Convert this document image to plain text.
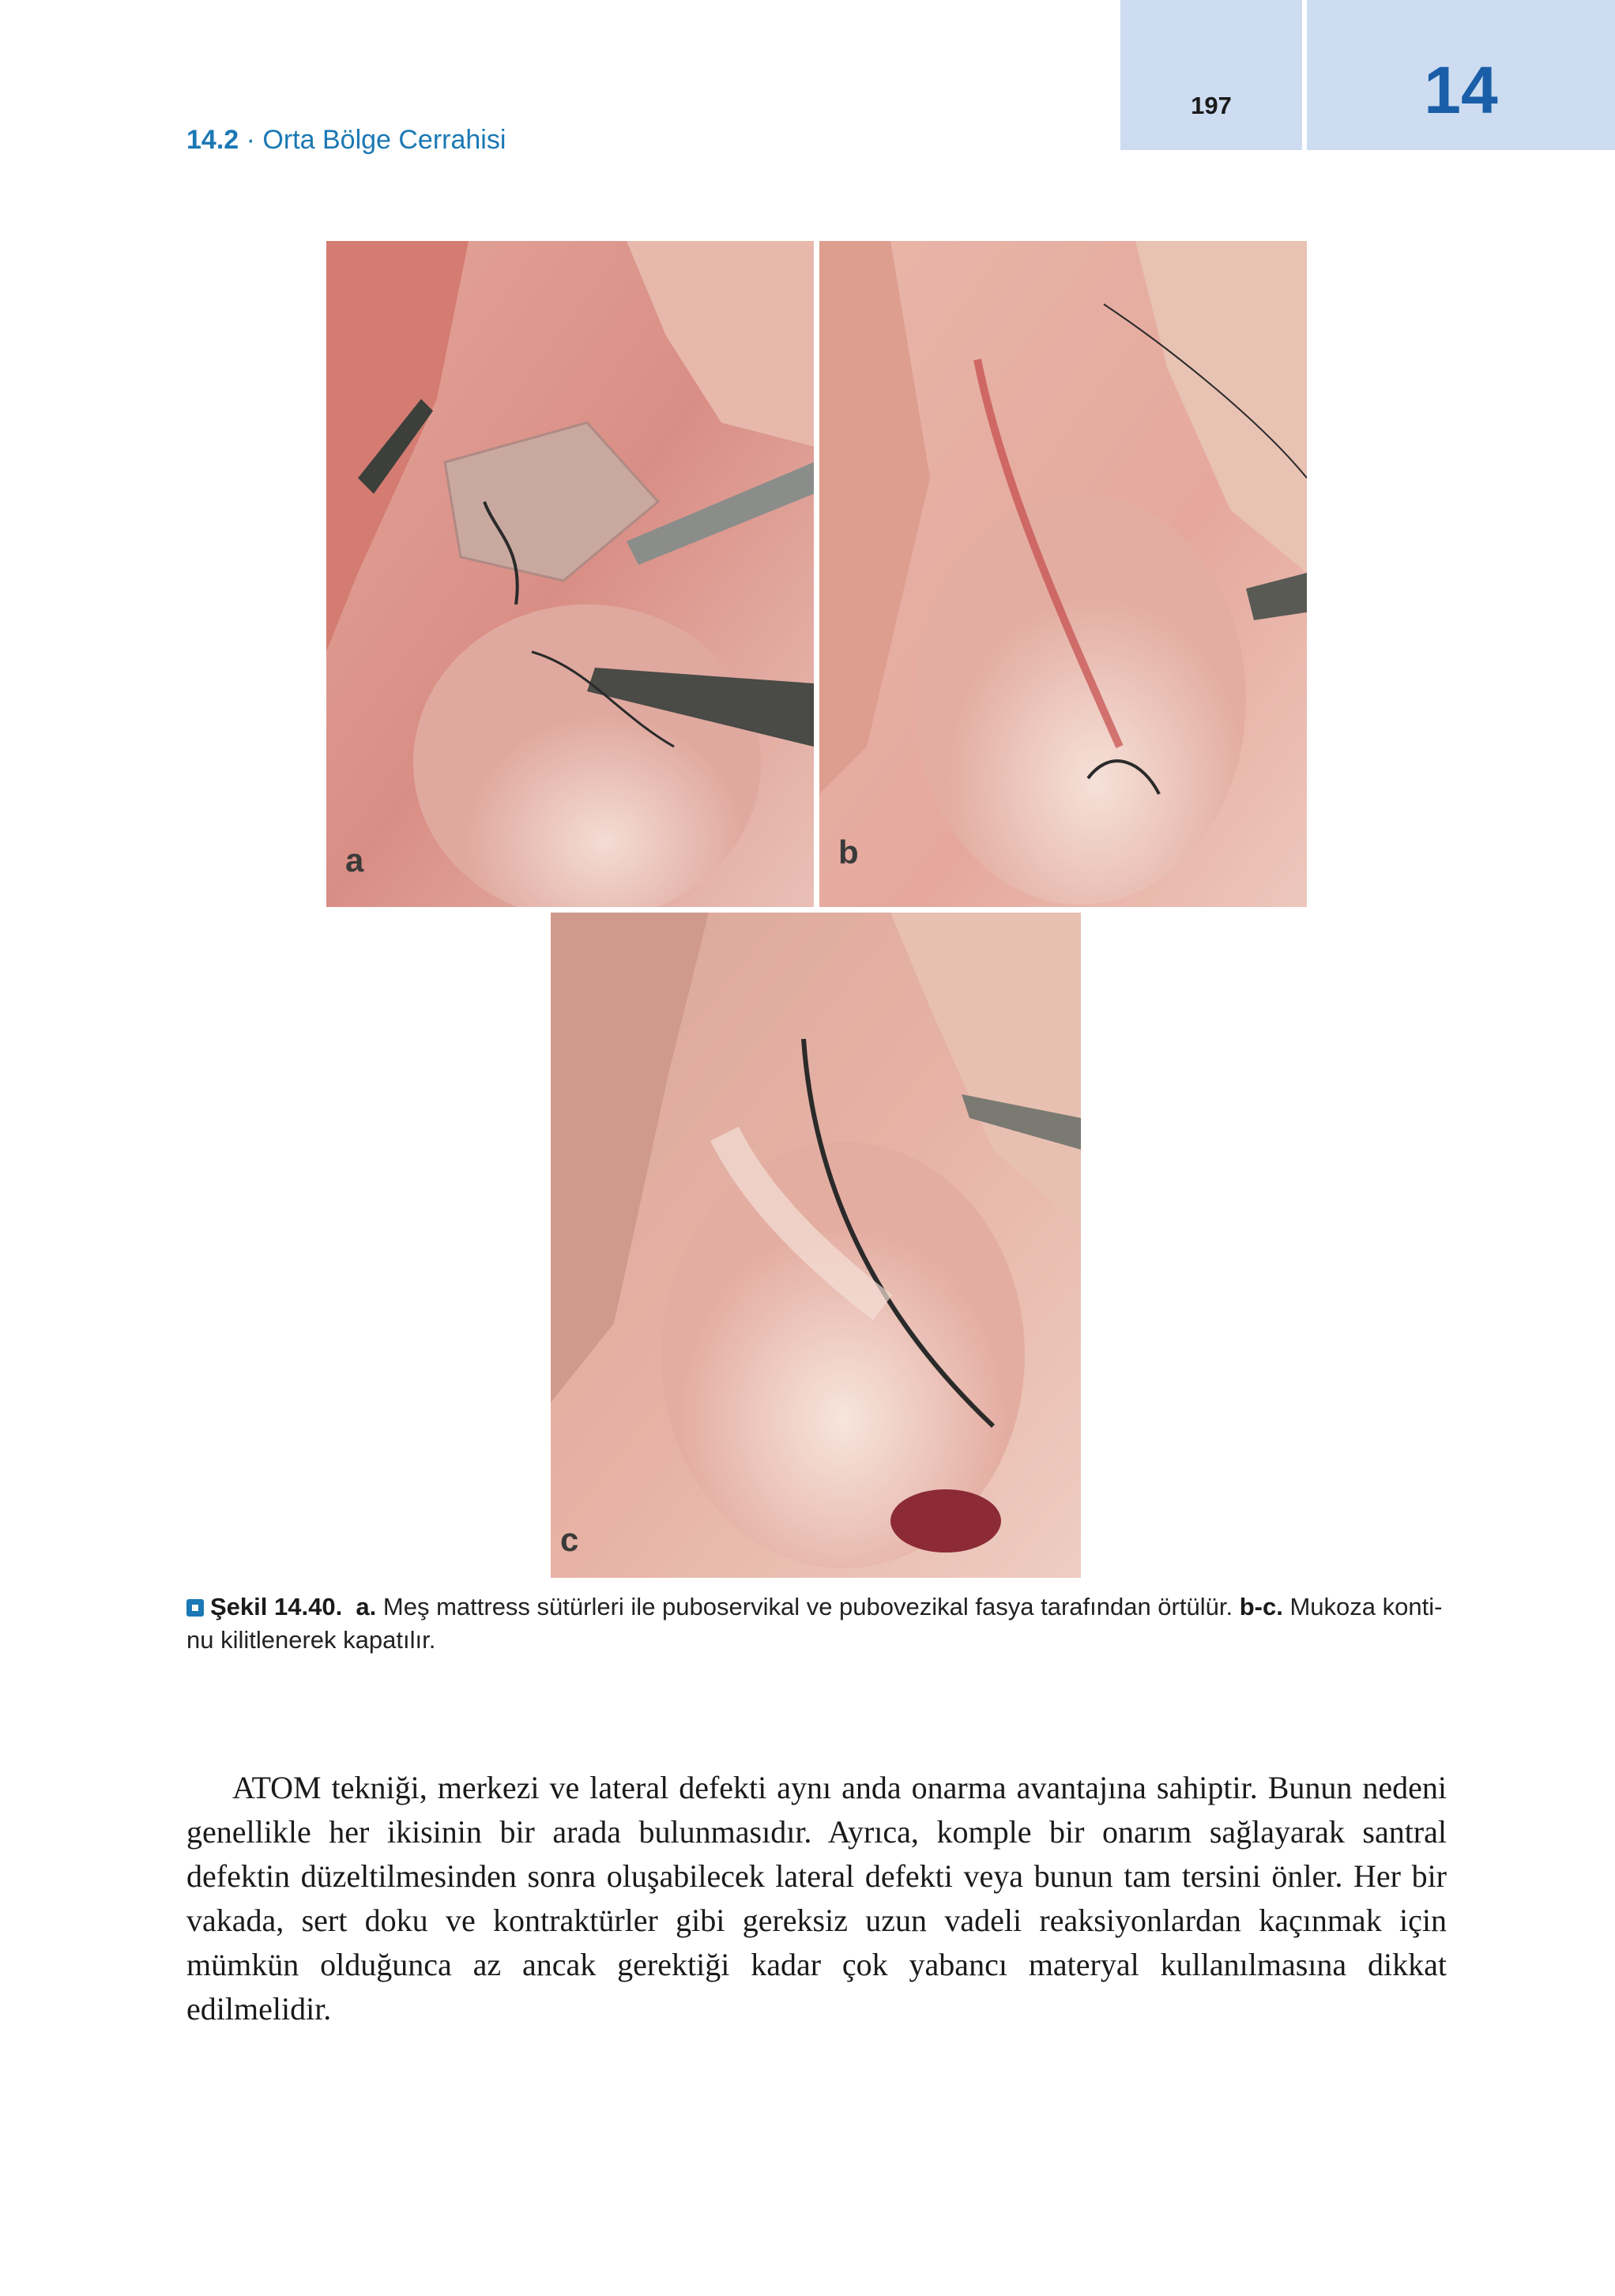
197	14
14.2 · Orta Bölge Cerrahisi
a	b
c
Şekil 14.40. a. Meş mattress sütürleri ile puboservikal ve pubovezikal fasya tarafından örtülür. b-c. Mukoza kontinu kilitlenerek kapatılır.
ATOM tekniği, merkezi ve lateral defekti aynı anda onarma avantajına sahiptir. Bunun nedeni genellikle her ikisinin bir arada bulunmasıdır. Ayrıca, komple bir onarım sağlayarak santral defektin düzeltilmesinden sonra oluşabilecek lateral defekti veya bunun tam tersini önler. Her bir vakada, sert doku ve kontraktürler gibi gereksiz uzun vadeli reaksiyonlardan kaçınmak için mümkün olduğunca az ancak gerektiği kadar çok yabancı materyal kullanılmasına dikkat edilmelidir.
